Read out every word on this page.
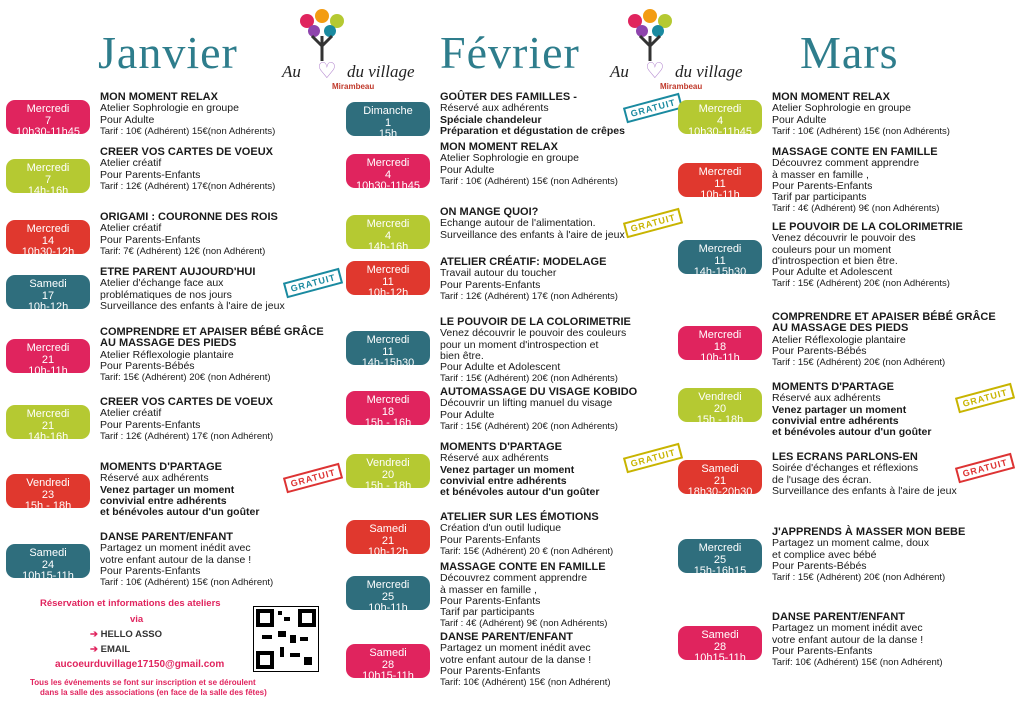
Janvier	Février	Mars
Au ♡ du village
Mirambeau
Au ♡ du village
Mirambeau
Mercredi
7
10h30-11h45
MON MOMENT RELAX
Atelier Sophrologie en groupe
Pour Adulte
Tarif : 10€ (Adhérent) 15€(non Adhérents)
Mercredi
7
14h-16h
CREER VOS CARTES DE VOEUX
Atelier créatif
Pour Parents-Enfants
Tarif : 12€ (Adhérent) 17€(non Adhérents)
Mercredi
14
10h30-12h
ORIGAMI : COURONNE DES ROIS
Atelier créatif
Pour Parents-Enfants
Tarif: 7€ (Adhérent) 12€ (non Adhérent)
Samedi
17
10h-12h
ETRE PARENT AUJOURD'HUI
Atelier d'échange face aux
problématiques de nos jours
Surveillance des enfants à l'aire de jeux
GRATUIT
Mercredi
21
10h-11h
COMPRENDRE ET APAISER BÉBÉ GRÂCE AU MASSAGE DES PIEDS
Atelier Réflexologie plantaire
Pour Parents-Bébés
Tarif: 15€ (Adhérent) 20€ (non Adhérent)
Mercredi
21
14h-16h
CREER VOS CARTES DE VOEUX
Atelier créatif
Pour Parents-Enfants
Tarif : 12€ (Adhérent) 17€ (non Adhérent)
Vendredi
23
15h - 18h
MOMENTS D'PARTAGE
Réservé aux adhérents
Venez partager un moment
convivial entre adhérents
et bénévoles autour d'un goûter
GRATUIT
Samedi
24
10h15-11h
DANSE PARENT/ENFANT
Partagez un moment inédit avec
votre enfant autour de la danse !
Pour Parents-Enfants
Tarif : 10€ (Adhérent) 15€ (non Adhérent)
Dimanche
1
15h
GOÛTER DES FAMILLES -
Réservé aux adhérents
Spéciale chandeleur
Préparation et dégustation de crêpes
GRATUIT
Mercredi
4
10h30-11h45
MON MOMENT RELAX
Atelier Sophrologie en groupe
Pour Adulte
Tarif : 10€ (Adhérent) 15€ (non Adhérents)
Mercredi
4
14h-16h
ON MANGE QUOI?
Echange autour de l'alimentation.
Surveillance des enfants à l'aire de jeux
GRATUIT
Mercredi
11
10h-12h
ATELIER CRÉATIF: MODELAGE
Travail autour du toucher
Pour Parents-Enfants
Tarif : 12€ (Adhérent) 17€ (non Adhérents)
Mercredi
11
14h-15h30
LE POUVOIR DE LA COLORIMETRIE
Venez découvrir le pouvoir des couleurs
pour un moment d'introspection et
bien être.
Pour Adulte et Adolescent
Tarif : 15€ (Adhérent) 20€ (non Adhérents)
Mercredi
18
15h - 16h
AUTOMASSAGE DU VISAGE KOBIDO
Découvrir un lifting manuel du visage
Pour Adulte
Tarif : 15€ (Adhérent) 20€ (non Adhérents)
Vendredi
20
15h - 18h
MOMENTS D'PARTAGE
Réservé aux adhérents
Venez partager un moment
convivial entre adhérents
et bénévoles autour d'un goûter
GRATUIT
Samedi
21
10h-12h
ATELIER SUR LES ÉMOTIONS
Création d'un outil ludique
Pour Parents-Enfants
Tarif: 15€ (Adhérent) 20 € (non Adhérent)
Mercredi
25
10h-11h
MASSAGE CONTE EN FAMILLE
Découvrez comment apprendre
à masser en famille ,
Pour Parents-Enfants
Tarif par participants
Tarif : 4€ (Adhérent) 9€ (non Adhérents)
Samedi
28
10h15-11h
DANSE PARENT/ENFANT
Partagez un moment inédit avec
votre enfant autour de la danse !
Pour Parents-Enfants
Tarif: 10€ (Adhérent) 15€ (non Adhérent)
Mercredi
4
10h30-11h45
MON MOMENT RELAX
Atelier Sophrologie en groupe
Pour Adulte
Tarif : 10€ (Adhérent) 15€ (non Adhérents)
Mercredi
11
10h-11h
MASSAGE CONTE EN FAMILLE
Découvrez comment apprendre
à masser en famille ,
Pour Parents-Enfants
Tarif par participants
Tarif : 4€ (Adhérent) 9€ (non Adhérents)
Mercredi
11
14h-15h30
LE POUVOIR DE LA COLORIMETRIE
Venez découvrir le pouvoir des
couleurs pour un moment
d'introspection et bien être.
Pour Adulte et Adolescent
Tarif : 15€ (Adhérent) 20€ (non Adhérents)
Mercredi
18
10h-11h
COMPRENDRE ET APAISER BÉBÉ GRÂCE AU MASSAGE DES PIEDS
Atelier Réflexologie plantaire
Pour Parents-Bébés
Tarif : 15€ (Adhérent) 20€ (non Adhérent)
Vendredi
20
15h - 18h
MOMENTS D'PARTAGE
Réservé aux adhérents
Venez partager un moment
convivial entre adhérents
et bénévoles autour d'un goûter
GRATUIT
Samedi
21
18h30-20h30
LES ECRANS PARLONS-EN
Soirée d'échanges et réflexions
de l'usage des écran.
Surveillance des enfants à l'aire de jeux
GRATUIT
Mercredi
25
15h-16h15
J'APPRENDS À MASSER MON BEBE
Partagez un moment calme, doux
et complice avec bébé
Pour Parents-Bébés
Tarif : 15€ (Adhérent) 20€ (non Adhérent)
Samedi
28
10h15-11h
DANSE PARENT/ENFANT
Partagez un moment inédit avec
votre enfant autour de la danse !
Pour Parents-Enfants
Tarif: 10€ (Adhérent) 15€ (non Adhérent)
Réservation et informations des ateliers
via
➔ HELLO ASSO
➔ EMAIL
aucoeurduvillage17150@gmail.com
Tous les événements se font sur inscription et se déroulent
dans la salle des associations (en face de la salle des fêtes)
